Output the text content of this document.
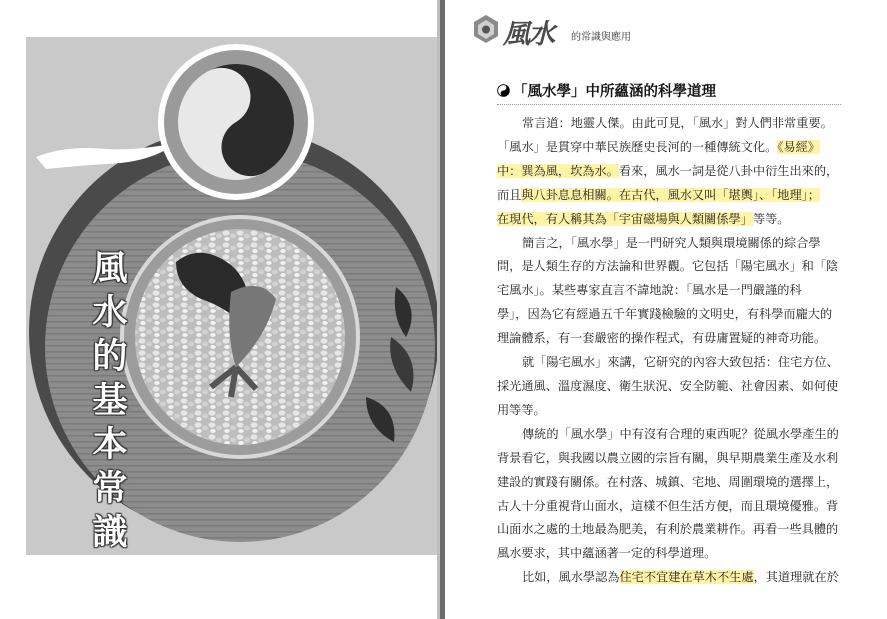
風
水
的
基
本
常
識
風水 的常識與應用
「風水學」中所蘊涵的科學道理
常言道：地靈人傑。由此可見，「風水」對人們非常重要。
「風水」是貫穿中華民族歷史長河的一種傳統文化。《易經》
中：巽為風，坎為水。看來，風水一詞是從八卦中衍生出來的，
而且與八卦息息相關。在古代，風水又叫「堪輿」、「地理」；
在現代，有人稱其為「宇宙磁場與人類關係學」等等。
簡言之，「風水學」是一門研究人類與環境關係的綜合學
問，是人類生存的方法論和世界觀。它包括「陽宅風水」和「陰
宅風水」。某些專家直言不諱地說：「風水是一門嚴謹的科
學」，因為它有經過五千年實踐檢驗的文明史，有科學而龐大的
理論體系，有一套嚴密的操作程式，有毋庸置疑的神奇功能。
就「陽宅風水」來講，它研究的內容大致包括：住宅方位、
採光通風、溫度濕度、衛生狀況、安全防範、社會因素、如何使
用等等。
傳統的「風水學」中有沒有合理的東西呢？從風水學產生的
背景看它，與我國以農立國的宗旨有關，與早期農業生產及水利
建設的實踐有關係。在村落、城鎮、宅地、周圍環境的選擇上，
古人十分重視背山面水，這樣不但生活方便，而且環境優雅。背
山面水之處的土地最為肥美，有利於農業耕作。再看一些具體的
風水要求，其中蘊涵著一定的科學道理。
比如，風水學認為住宅不宜建在草木不生處，其道理就在於
